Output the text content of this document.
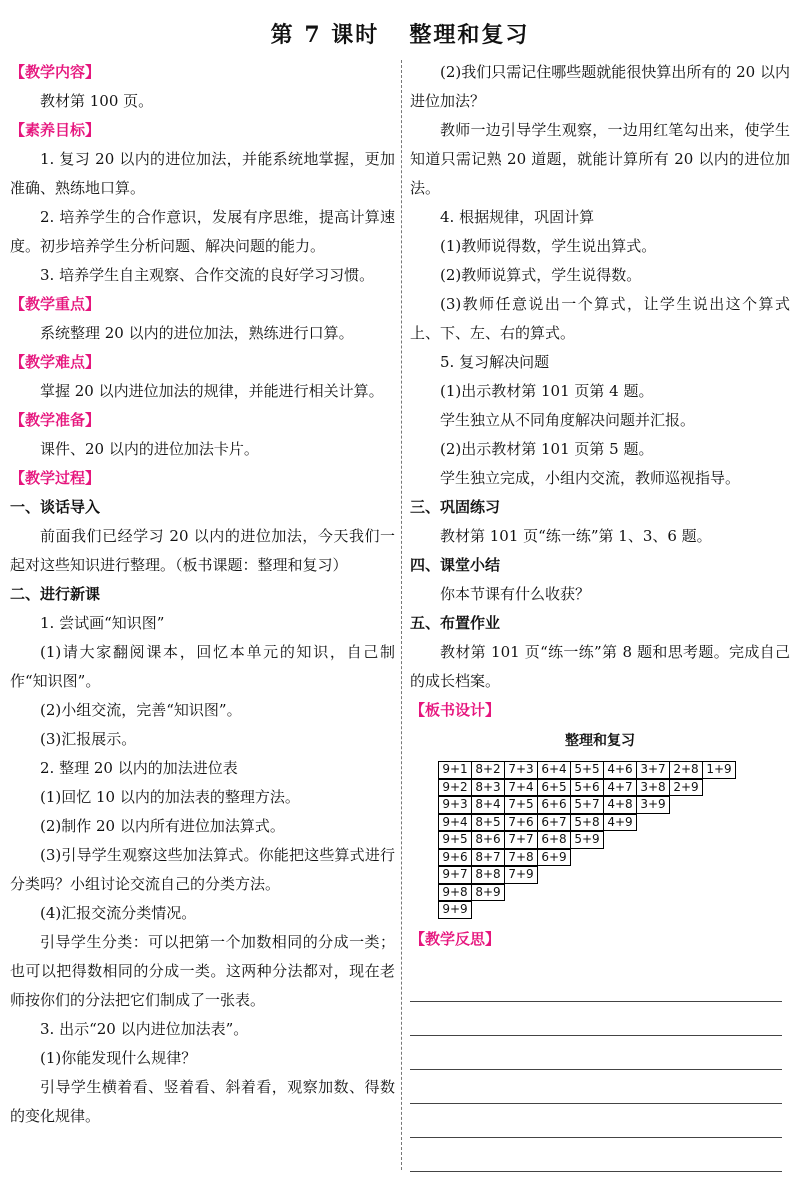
第 7 课时 整理和复习
【教学内容】
教材第 100 页。
【素养目标】
1. 复习 20 以内的进位加法，并能系统地掌握，更加准确、熟练地口算。
2. 培养学生的合作意识，发展有序思维，提高计算速度。初步培养学生分析问题、解决问题的能力。
3. 培养学生自主观察、合作交流的良好学习习惯。
【教学重点】
系统整理 20 以内的进位加法，熟练进行口算。
【教学难点】
掌握 20 以内进位加法的规律，并能进行相关计算。
【教学准备】
课件、20 以内的进位加法卡片。
【教学过程】
一、谈话导入
前面我们已经学习 20 以内的进位加法，今天我们一起对这些知识进行整理。（板书课题：整理和复习）
二、进行新课
1. 尝试画“知识图”
(1)请大家翻阅课本，回忆本单元的知识，自己制作“知识图”。
(2)小组交流，完善“知识图”。
(3)汇报展示。
2. 整理 20 以内的加法进位表
(1)回忆 10 以内的加法表的整理方法。
(2)制作 20 以内所有进位加法算式。
(3)引导学生观察这些加法算式。你能把这些算式进行分类吗？小组讨论交流自己的分类方法。
(4)汇报交流分类情况。
引导学生分类：可以把第一个加数相同的分成一类；也可以把得数相同的分成一类。这两种分法都对，现在老师按你们的分法把它们制成了一张表。
3. 出示“20 以内进位加法表”。
(1)你能发现什么规律？
引导学生横着看、竖着看、斜着看，观察加数、得数的变化规律。
(2)我们只需记住哪些题就能很快算出所有的 20 以内进位加法？
教师一边引导学生观察，一边用红笔勾出来，使学生知道只需记熟 20 道题，就能计算所有 20 以内的进位加法。
4. 根据规律，巩固计算
(1)教师说得数，学生说出算式。
(2)教师说算式，学生说得数。
(3)教师任意说出一个算式，让学生说出这个算式上、下、左、右的算式。
5. 复习解决问题
(1)出示教材第 101 页第 4 题。
学生独立从不同角度解决问题并汇报。
(2)出示教材第 101 页第 5 题。
学生独立完成，小组内交流，教师巡视指导。
三、巩固练习
教材第 101 页“练一练”第 1、3、6 题。
四、课堂小结
你本节课有什么收获？
五、布置作业
教材第 101 页“练一练”第 8 题和思考题。完成自己的成长档案。
【板书设计】
整理和复习
9+1 8+2 7+3 6+4 5+5 4+6 3+7 2+8 1+9
9+2 8+3 7+4 6+5 5+6 4+7 3+8 2+9
9+3 8+4 7+5 6+6 5+7 4+8 3+9
9+4 8+5 7+6 6+7 5+8 4+9
9+5 8+6 7+7 6+8 5+9
9+6 8+7 7+8 6+9
9+7 8+8 7+9
9+8 8+9
9+9
【教学反思】
50
